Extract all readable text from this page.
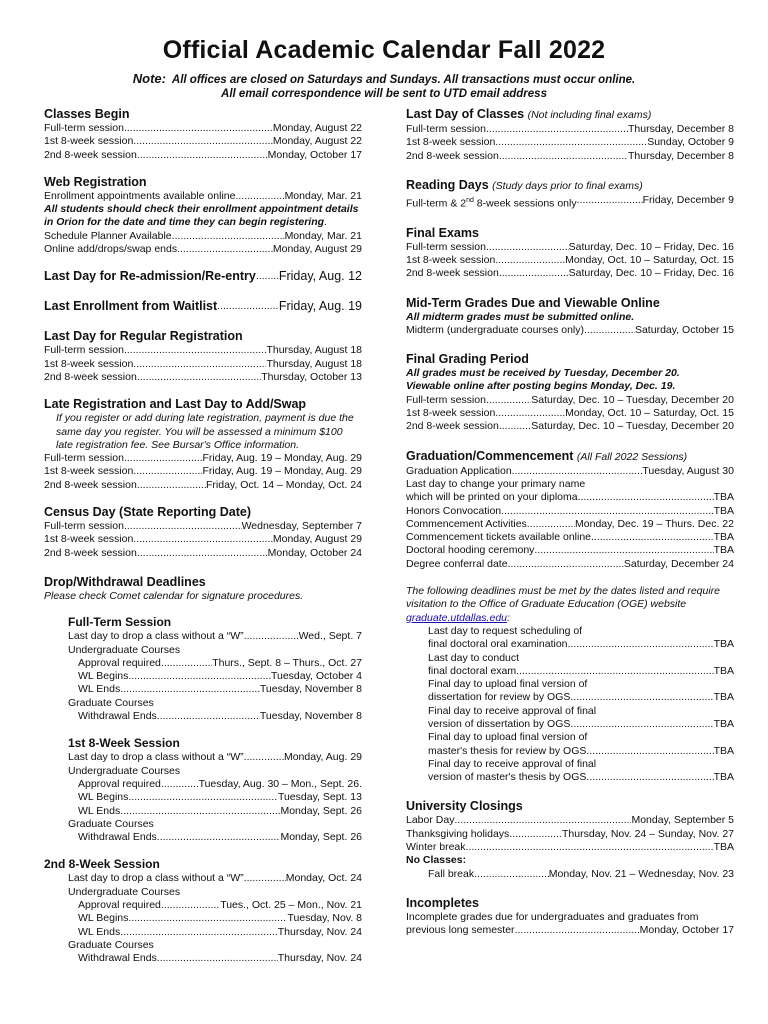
Official Academic Calendar Fall 2022
Note: All offices are closed on Saturdays and Sundays. All transactions must occur online.
All email correspondence will be sent to UTD email address
Classes Begin
Full-term session .....	Monday, August 22
1st 8-week session .....	Monday, August 22
2nd 8-week session .....	Monday, October 17
Web Registration
Enrollment appointments available online .....	Monday, Mar. 21
All students should check their enrollment appointment details in Orion for the date and time they can begin registering.
Schedule Planner Available .....	Monday, Mar. 21
Online add/drops/swap ends .....	Monday, August 29
Last Day for Re-admission/Re-entry ..... Friday, Aug. 12
Last Enrollment from Waitlist .....	Friday, Aug. 19
Last Day for Regular Registration
Full-term session .....	Thursday, August 18
1st 8-week session .....	Thursday, August 18
2nd 8-week session .....	Thursday, October 13
Late Registration and Last Day to Add/Swap
If you register or add during late registration, payment is due the same day you register. You will be assessed a minimum $100 late registration fee. See Bursar's Office information.
Full-term session .....	Friday, Aug. 19 – Monday, Aug. 29
1st 8-week session .....	Friday, Aug. 19 – Monday, Aug. 29
2nd 8-week session .....	Friday, Oct. 14 – Monday, Oct. 24
Census Day (State Reporting Date)
Full-term session .....	Wednesday, September 7
1st 8-week session .....	Monday, August 29
2nd 8-week session .....	Monday, October 24
Drop/Withdrawal Deadlines
Please check Comet calendar for signature procedures.
Full-Term Session
Last day to drop a class without a “W” .....	Wed., Sept. 7
Undergraduate Courses
Approval required .....	Thurs., Sept. 8 – Thurs., Oct. 27
WL Begins .....	Tuesday, October 4
WL Ends .....	Tuesday, November 8
Graduate Courses
Withdrawal Ends .....	Tuesday, November 8
1st 8-Week Session
Last day to drop a class without a “W” .....	Monday, Aug. 29
Undergraduate Courses
Approval required .....	Tuesday, Aug. 30 – Mon., Sept. 26.
WL Begins .....	Tuesday, Sept. 13
WL Ends .....	Monday, Sept. 26
Graduate Courses
Withdrawal Ends .....	Monday, Sept. 26
2nd 8-Week Session
Last day to drop a class without a “W” .....	Monday, Oct. 24
Undergraduate Courses
Approval required .....	Tues., Oct. 25 – Mon., Nov. 21
WL Begins .....	Tuesday, Nov. 8
WL Ends .....	Thursday, Nov. 24
Graduate Courses
Withdrawal Ends .....	Thursday, Nov. 24
Last Day of Classes (Not including final exams)
Full-term session .....	Thursday, December 8
1st 8-week session .....	Sunday, October 9
2nd 8-week session .....	Thursday, December 8
Reading Days (Study days prior to final exams)
Full-term & 2nd 8-week sessions only .....	Friday, December 9
Final Exams
Full-term session .....	Saturday, Dec. 10 – Friday, Dec. 16
1st 8-week session .....	Monday, Oct. 10 – Saturday, Oct. 15
2nd 8-week session .....	Saturday, Dec. 10 – Friday, Dec. 16
Mid-Term Grades Due and Viewable Online
All midterm grades must be submitted online.
Midterm (undergraduate courses only) .....	Saturday, October 15
Final Grading Period
All grades must be received by Tuesday, December 20.
Viewable online after posting begins Monday, Dec. 19.
Full-term session .....	Saturday, Dec. 10 – Tuesday, December 20
1st 8-week session .....	Monday, Oct. 10 – Saturday, Oct. 15
2nd 8-week session .....	Saturday, Dec. 10 – Tuesday, December 20
Graduation/Commencement (All Fall 2022 Sessions)
Graduation Application .....	Tuesday, August 30
Last day to change your primary name
which will be printed on your diploma .....	TBA
Honors Convocation .....	TBA
Commencement Activities .....	Monday, Dec. 19 – Thurs. Dec. 22
Commencement tickets available online .....	TBA
Doctoral hooding ceremony .....	TBA
Degree conferral date .....	Saturday, December 24
The following deadlines must be met by the dates listed and require visitation to the Office of Graduate Education (OGE) website graduate.utdallas.edu:
Last day to request scheduling of
final doctoral oral examination .....	TBA
Last day to conduct
final doctoral exam .....	TBA
Final day to upload final version of
dissertation for review by OGS .....	TBA
Final day to receive approval of final
version of dissertation by OGS .....	TBA
Final day to upload final version of
master's thesis for review by OGS .....	TBA
Final day to receive approval of final
version of master's thesis by OGS .....	TBA
University Closings
Labor Day .....	Monday, September 5
Thanksgiving holidays .....	Thursday, Nov. 24 – Sunday, Nov. 27
Winter break .....	TBA
No Classes:
Fall break .....	Monday, Nov. 21 – Wednesday, Nov. 23
Incompletes
Incomplete grades due for undergraduates and graduates from
previous long semester .....	Monday, October 17
